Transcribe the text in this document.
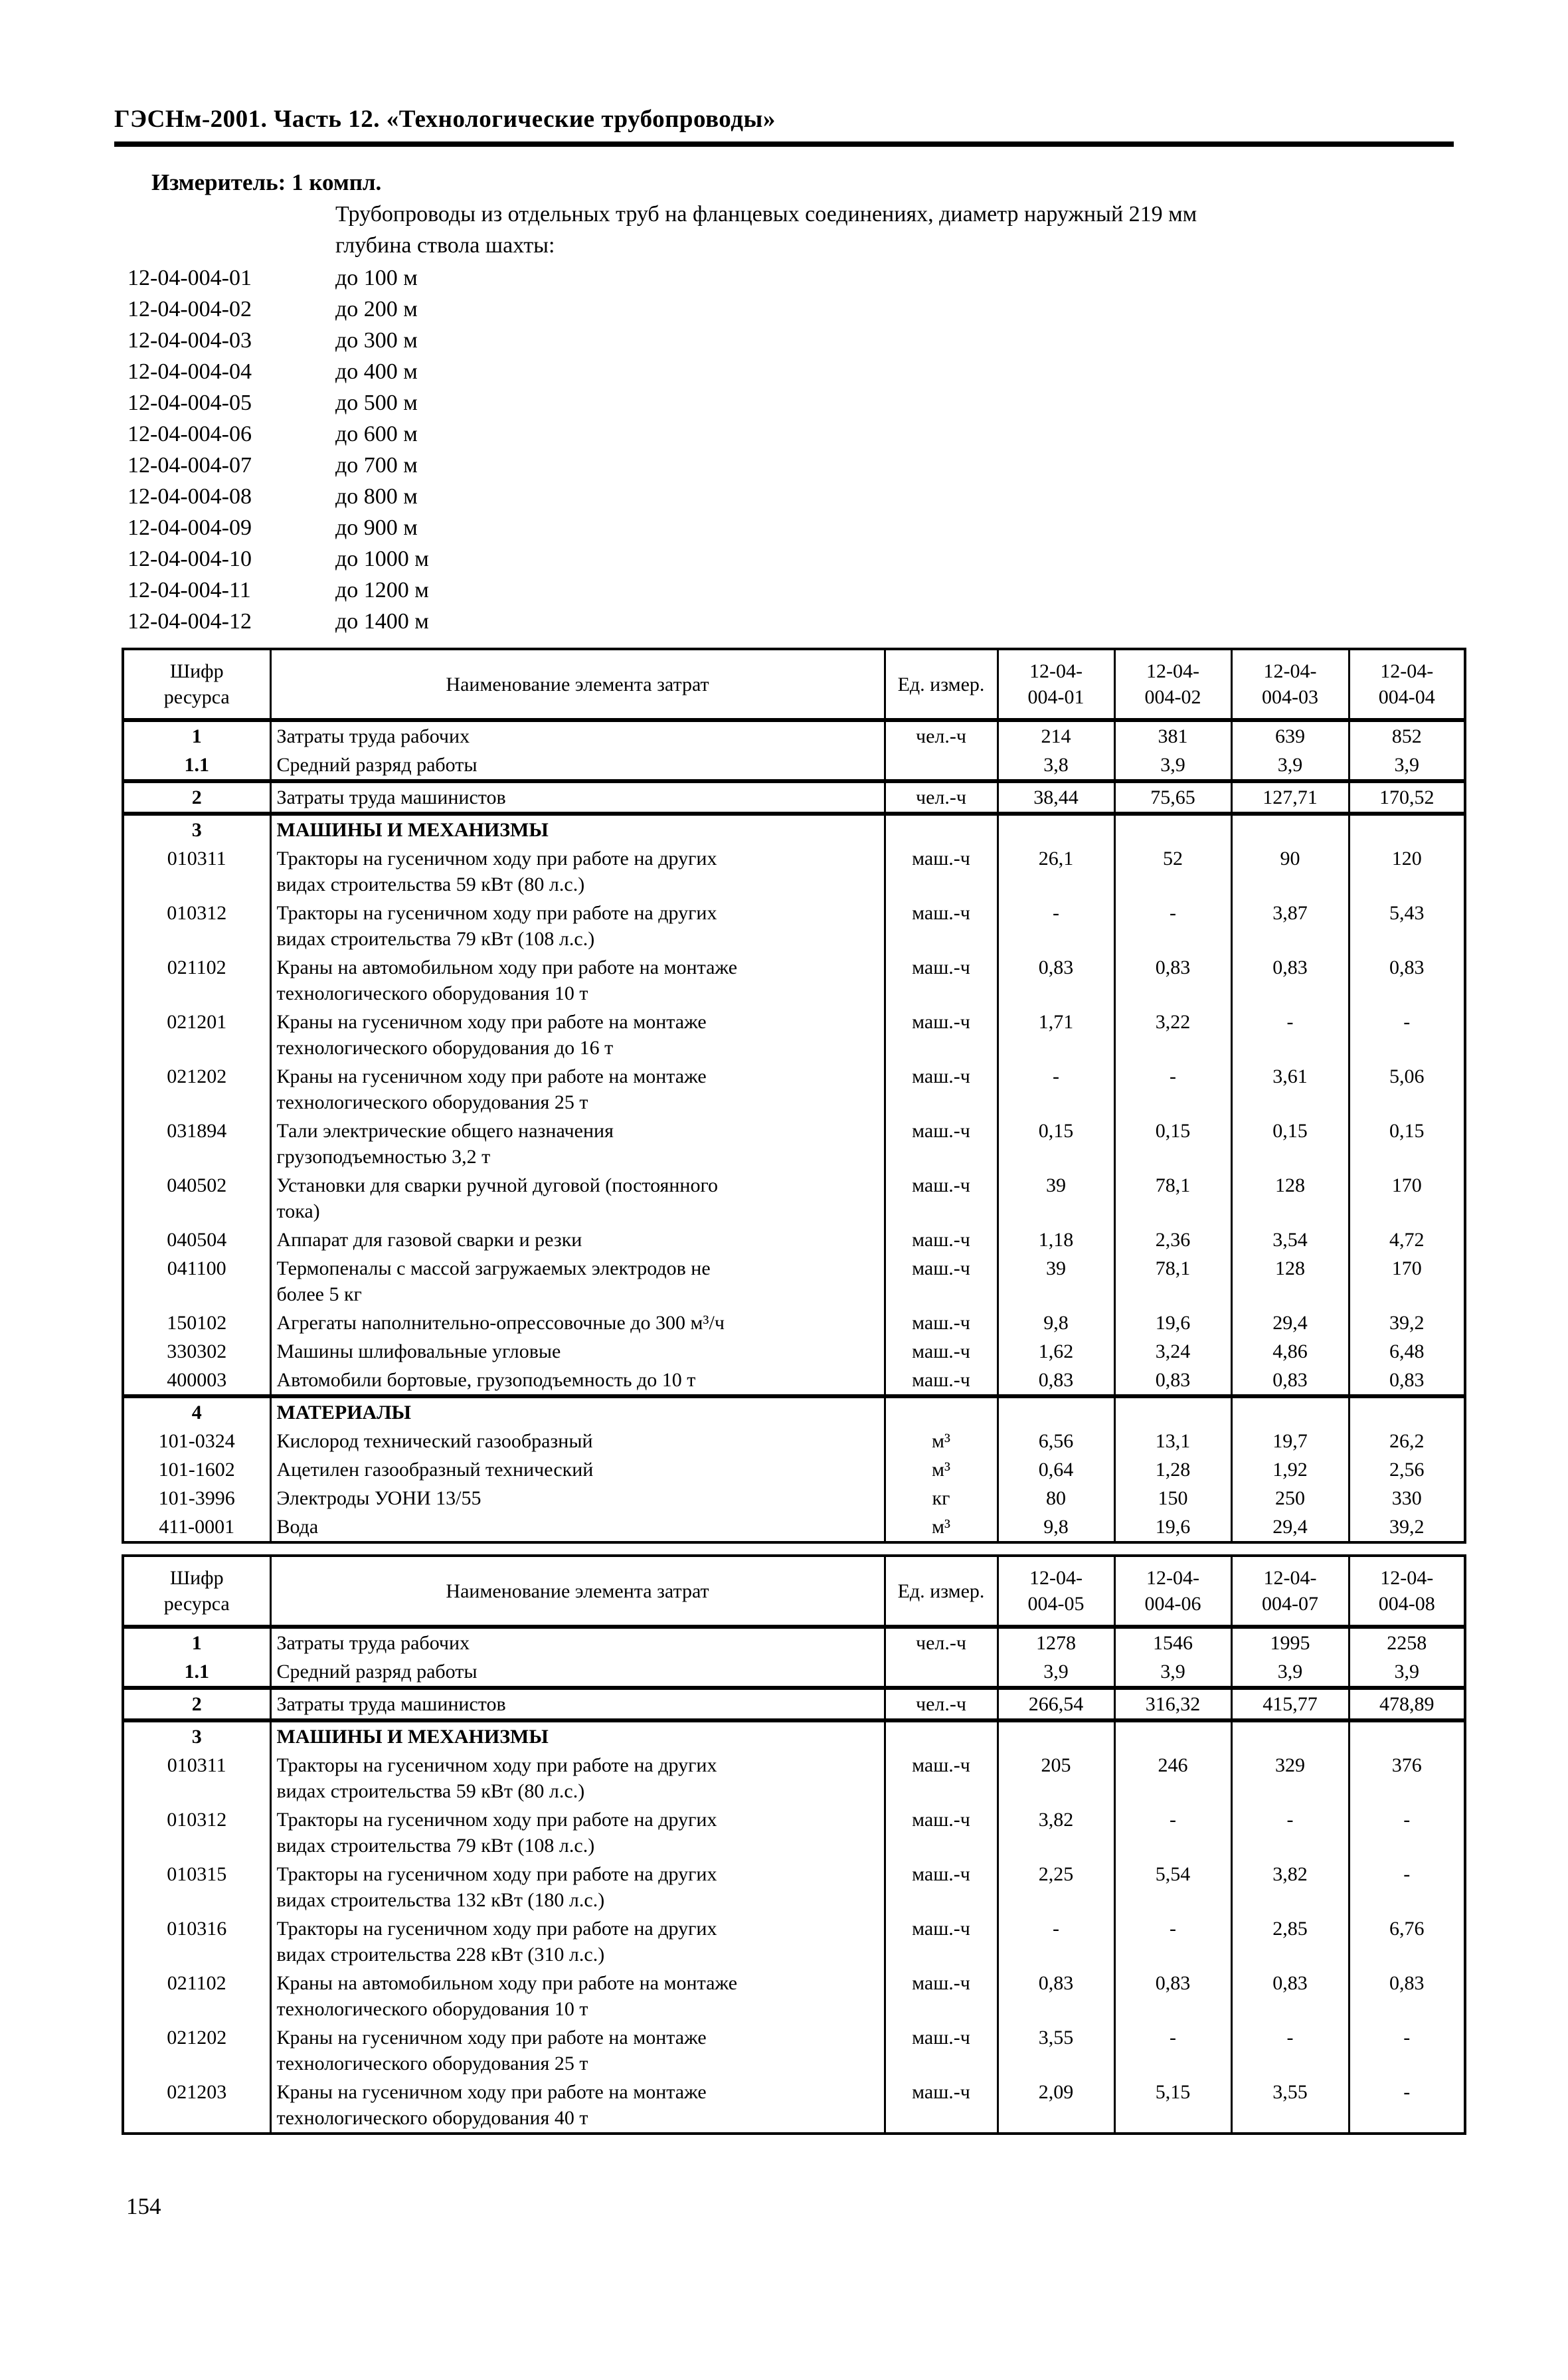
ГЭСНм-2001. Часть 12. «Технологические трубопроводы»
Измеритель: 1 компл.
Трубопроводы из отдельных труб на фланцевых соединениях, диаметр наружный 219 мм
глубина ствола шахты:
12-04-004-01	до 100 м
12-04-004-02	до 200 м
12-04-004-03	до 300 м
12-04-004-04	до 400 м
12-04-004-05	до 500 м
12-04-004-06	до 600 м
12-04-004-07	до 700 м
12-04-004-08	до 800 м
12-04-004-09	до 900 м
12-04-004-10	до 1000 м
12-04-004-11	до 1200 м
12-04-004-12	до 1400 м
Шифр
ресурса	Наименование элемента затрат	Ед. измер.	12-04-
004-01	12-04-
004-02	12-04-
004-03	12-04-
004-04
1	Затраты труда рабочих	чел.-ч	214	381	639	852
1.1	Средний разряд работы		3,8	3,9	3,9	3,9
2	Затраты труда машинистов	чел.-ч	38,44	75,65	127,71	170,52
3	МАШИНЫ И МЕХАНИЗМЫ					
010311	Тракторы на гусеничном ходу при работе на других
видах строительства 59 кВт (80 л.с.)	маш.-ч	26,1	52	90	120
010312	Тракторы на гусеничном ходу при работе на других
видах строительства 79 кВт (108 л.с.)	маш.-ч	-	-	3,87	5,43
021102	Краны на автомобильном ходу при работе на монтаже
технологического оборудования 10 т	маш.-ч	0,83	0,83	0,83	0,83
021201	Краны на гусеничном ходу при работе на монтаже
технологического оборудования до 16 т	маш.-ч	1,71	3,22	-	-
021202	Краны на гусеничном ходу при работе на монтаже
технологического оборудования 25 т	маш.-ч	-	-	3,61	5,06
031894	Тали электрические общего назначения
грузоподъемностью 3,2 т	маш.-ч	0,15	0,15	0,15	0,15
040502	Установки для сварки ручной дуговой (постоянного
тока)	маш.-ч	39	78,1	128	170
040504	Аппарат для газовой сварки и резки	маш.-ч	1,18	2,36	3,54	4,72
041100	Термопеналы с массой загружаемых электродов не
более 5 кг	маш.-ч	39	78,1	128	170
150102	Агрегаты наполнительно-опрессовочные до 300 м³/ч	маш.-ч	9,8	19,6	29,4	39,2
330302	Машины шлифовальные угловые	маш.-ч	1,62	3,24	4,86	6,48
400003	Автомобили бортовые, грузоподъемность до 10 т	маш.-ч	0,83	0,83	0,83	0,83
4	МАТЕРИАЛЫ					
101-0324	Кислород технический газообразный	м³	6,56	13,1	19,7	26,2
101-1602	Ацетилен газообразный технический	м³	0,64	1,28	1,92	2,56
101-3996	Электроды УОНИ 13/55	кг	80	150	250	330
411-0001	Вода	м³	9,8	19,6	29,4	39,2
Шифр
ресурса	Наименование элемента затрат	Ед. измер.	12-04-
004-05	12-04-
004-06	12-04-
004-07	12-04-
004-08
1	Затраты труда рабочих	чел.-ч	1278	1546	1995	2258
1.1	Средний разряд работы		3,9	3,9	3,9	3,9
2	Затраты труда машинистов	чел.-ч	266,54	316,32	415,77	478,89
3	МАШИНЫ И МЕХАНИЗМЫ					
010311	Тракторы на гусеничном ходу при работе на других
видах строительства 59 кВт (80 л.с.)	маш.-ч	205	246	329	376
010312	Тракторы на гусеничном ходу при работе на других
видах строительства 79 кВт (108 л.с.)	маш.-ч	3,82	-	-	-
010315	Тракторы на гусеничном ходу при работе на других
видах строительства 132 кВт (180 л.с.)	маш.-ч	2,25	5,54	3,82	-
010316	Тракторы на гусеничном ходу при работе на других
видах строительства 228 кВт (310 л.с.)	маш.-ч	-	-	2,85	6,76
021102	Краны на автомобильном ходу при работе на монтаже
технологического оборудования 10 т	маш.-ч	0,83	0,83	0,83	0,83
021202	Краны на гусеничном ходу при работе на монтаже
технологического оборудования 25 т	маш.-ч	3,55	-	-	-
021203	Краны на гусеничном ходу при работе на монтаже
технологического оборудования 40 т	маш.-ч	2,09	5,15	3,55	-
154
